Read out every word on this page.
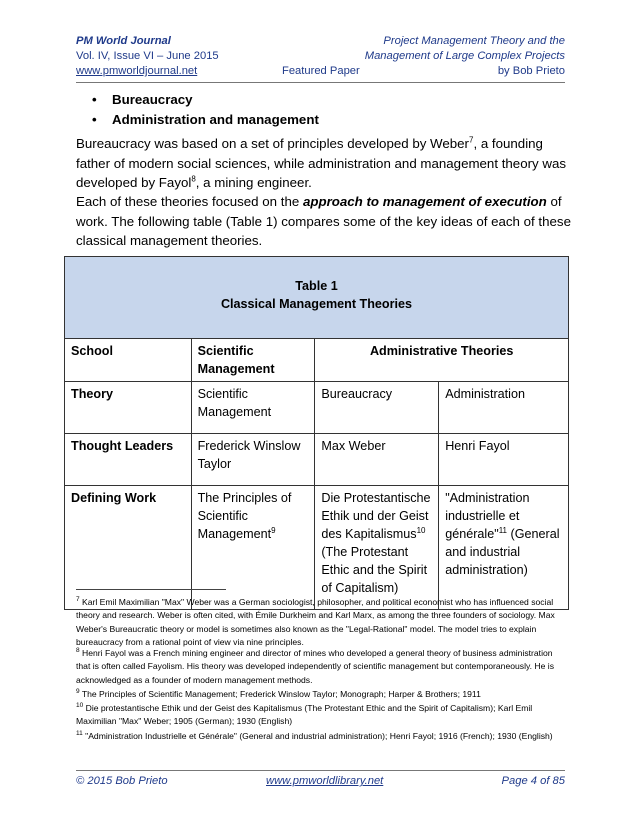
PM World Journal	Project Management Theory and the
Vol. IV, Issue VI – June 2015	Management of Large Complex Projects
www.pmworldjournal.net	Featured Paper	by Bob Prieto
• Bureaucracy
• Administration and management
Bureaucracy was based on a set of principles developed by Weber$^7$, a founding father of modern social sciences, while administration and management theory was developed by Fayol$^8$, a mining engineer.
Each of these theories focused on the approach to management of execution of work. The following table (Table 1) compares some of the key ideas of each of these classical management theories.
Table 1
Classical Management Theories			

School	Scientific Management	Administrative Theories	
Theory	Scientific Management	Bureaucracy	Administration
Thought Leaders	Frederick Winslow Taylor	Max Weber	Henri Fayol
Defining Work	The Principles of Scientific Management$^9$	Die Protestantische Ethik und der Geist des Kapitalismus$^{10}$ (The Protestant Ethic and the Spirit of Capitalism)	"Administration industrielle et générale"$^{11}$ (General and industrial administration)
$^7$ Karl Emil Maximilian "Max" Weber was a German sociologist, philosopher, and political economist who has influenced social theory and research. Weber is often cited, with Émile Durkheim and Karl Marx, as among the three founders of sociology. Max Weber's Bureaucratic theory or model is sometimes also known as the "Legal-Rational" model. The model tries to explain bureaucracy from a rational point of view via nine principles.
$^8$ Henri Fayol was a French mining engineer and director of mines who developed a general theory of business administration that is often called Fayolism. His theory was developed independently of scientific management but contemporaneously. He is acknowledged as a founder of modern management methods.
$^9$ The Principles of Scientific Management; Frederick Winslow Taylor; Monograph; Harper & Brothers; 1911
$^{10}$ Die protestantische Ethik und der Geist des Kapitalismus (The Protestant Ethic and the Spirit of Capitalism); Karl Emil Maximilian "Max" Weber; 1905 (German); 1930 (English)
$^{11}$ "Administration Industrielle et Générale" (General and industrial administration); Henri Fayol; 1916 (French); 1930 (English)
© 2015 Bob Prieto	www.pmworldlibrary.net	Page 4 of 85
